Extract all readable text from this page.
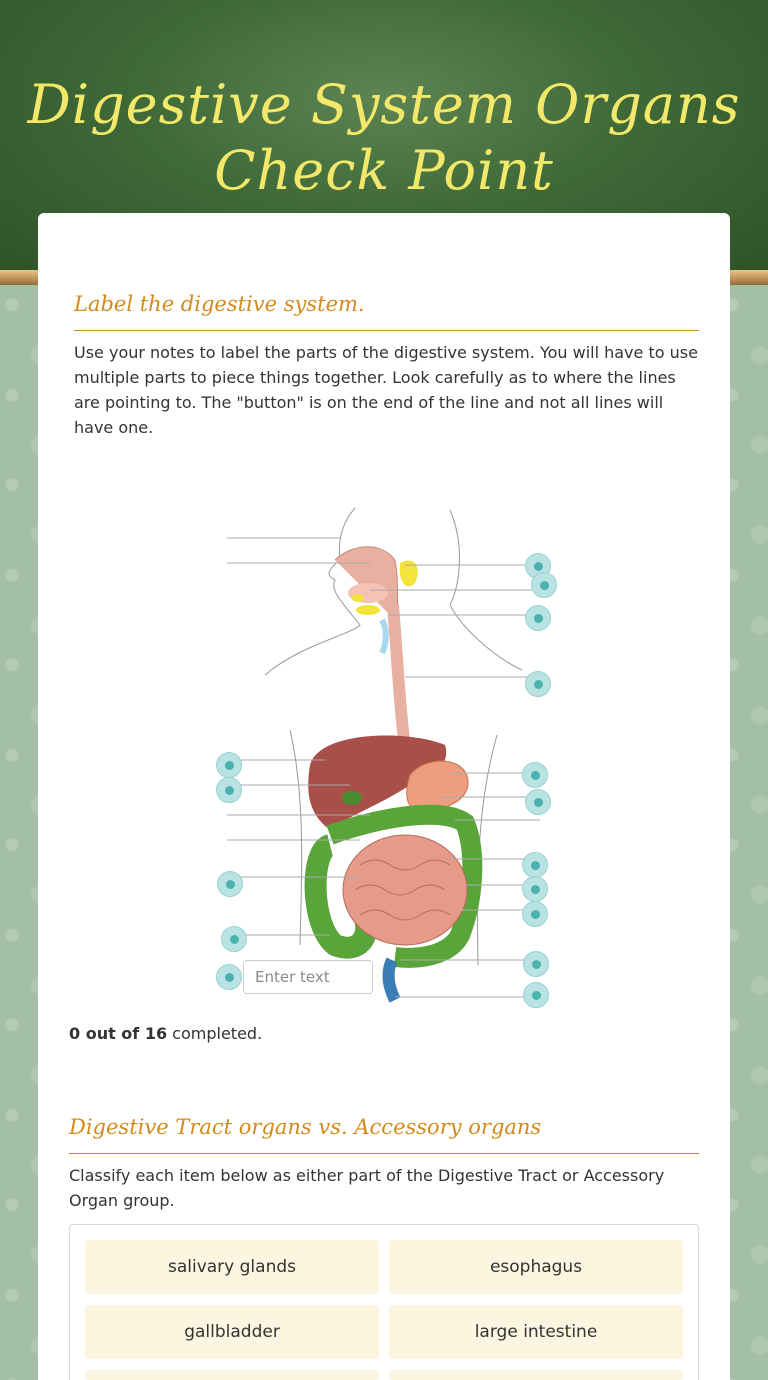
Digestive System Organs
Check Point
Label the digestive system.
Use your notes to label the parts of the digestive system. You will have to use multiple parts to piece things together. Look carefully as to where the lines are pointing to. The "button" is on the end of the line and not all lines will have one.
Enter text
0 out of 16 completed.
Digestive Tract organs vs. Accessory organs
Classify each item below as either part of the Digestive Tract or Accessory Organ group.
salivary glands	esophagus
gallbladder	large intestine
